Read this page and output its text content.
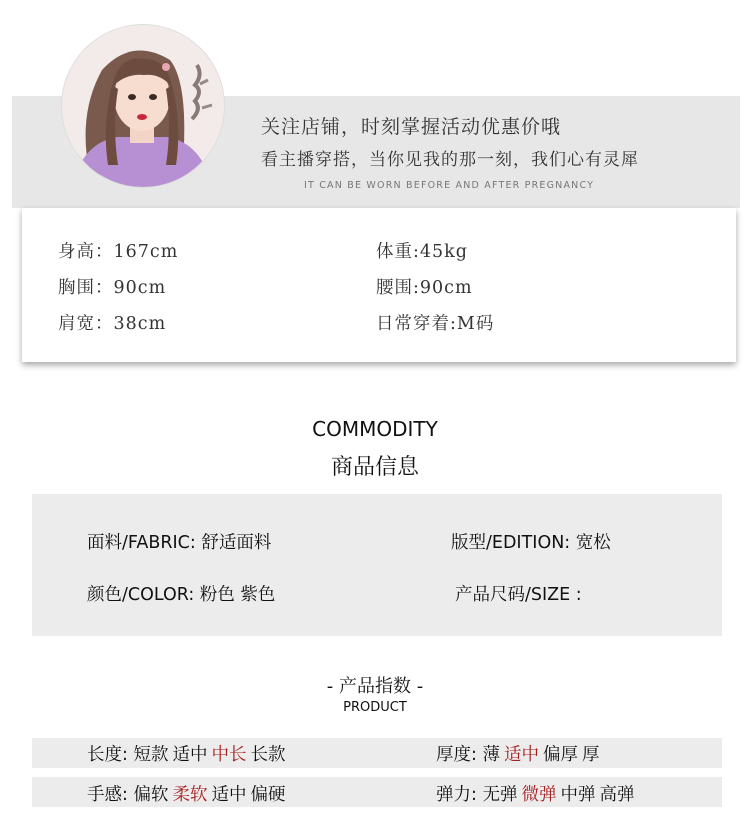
关注店铺，时刻掌握活动优惠价哦
看主播穿搭，当你见我的那一刻，我们心有灵犀
IT CAN BE WORN BEFORE AND AFTER PREGNANCY
身高：167cm	体重:45kg
胸围：90cm	腰围:90cm
肩宽：38cm	日常穿着:M码
COMMODITY
商品信息
面料/FABRIC: 舒适面料	版型/EDITION: 宽松
颜色/COLOR: 粉色 紫色	产品尺码/SIZE :
- 产品指数 -
PRODUCT
长度: 短款 适中 中长 长款	厚度: 薄 适中 偏厚 厚
手感: 偏软 柔软 适中 偏硬	弹力: 无弹 微弹 中弹 高弹
